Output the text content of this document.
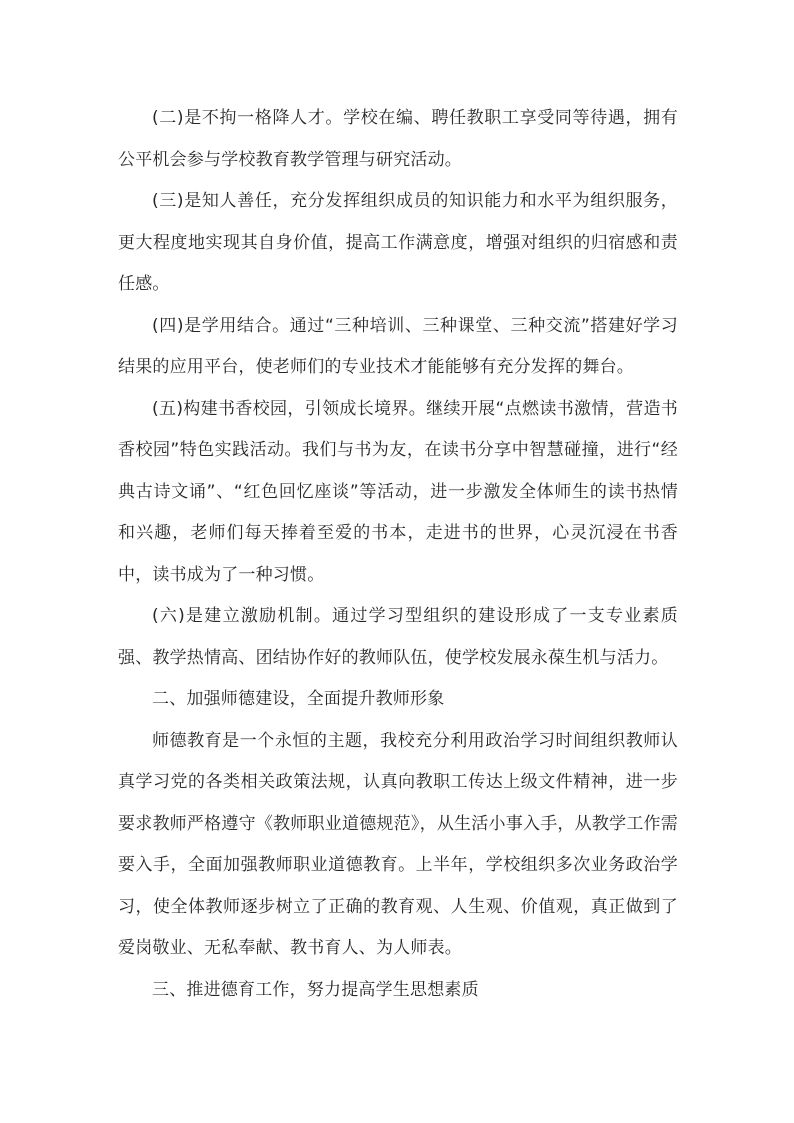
(二)是不拘一格降人才。学校在编、聘任教职工享受同等待遇，拥有公平机会参与学校教育教学管理与研究活动。

(三)是知人善任，充分发挥组织成员的知识能力和水平为组织服务，更大程度地实现其自身价值，提高工作满意度，增强对组织的归宿感和责任感。

(四)是学用结合。通过“三种培训、三种课堂、三种交流”搭建好学习结果的应用平台，使老师们的专业技术才能能够有充分发挥的舞台。

(五)构建书香校园，引领成长境界。继续开展“点燃读书激情，营造书香校园”特色实践活动。我们与书为友，在读书分享中智慧碰撞，进行“经典古诗文诵”、“红色回忆座谈”等活动，进一步激发全体师生的读书热情和兴趣，老师们每天捧着至爱的书本，走进书的世界，心灵沉浸在书香中，读书成为了一种习惯。

(六)是建立激励机制。通过学习型组织的建设形成了一支专业素质强、教学热情高、团结协作好的教师队伍，使学校发展永葆生机与活力。

二、加强师德建设，全面提升教师形象

师德教育是一个永恒的主题，我校充分利用政治学习时间组织教师认真学习党的各类相关政策法规，认真向教职工传达上级文件精神，进一步要求教师严格遵守《教师职业道德规范》，从生活小事入手，从教学工作需要入手，全面加强教师职业道德教育。上半年，学校组织多次业务政治学习，使全体教师逐步树立了正确的教育观、人生观、价值观，真正做到了爱岗敬业、无私奉献、教书育人、为人师表。

三、推进德育工作，努力提高学生思想素质
